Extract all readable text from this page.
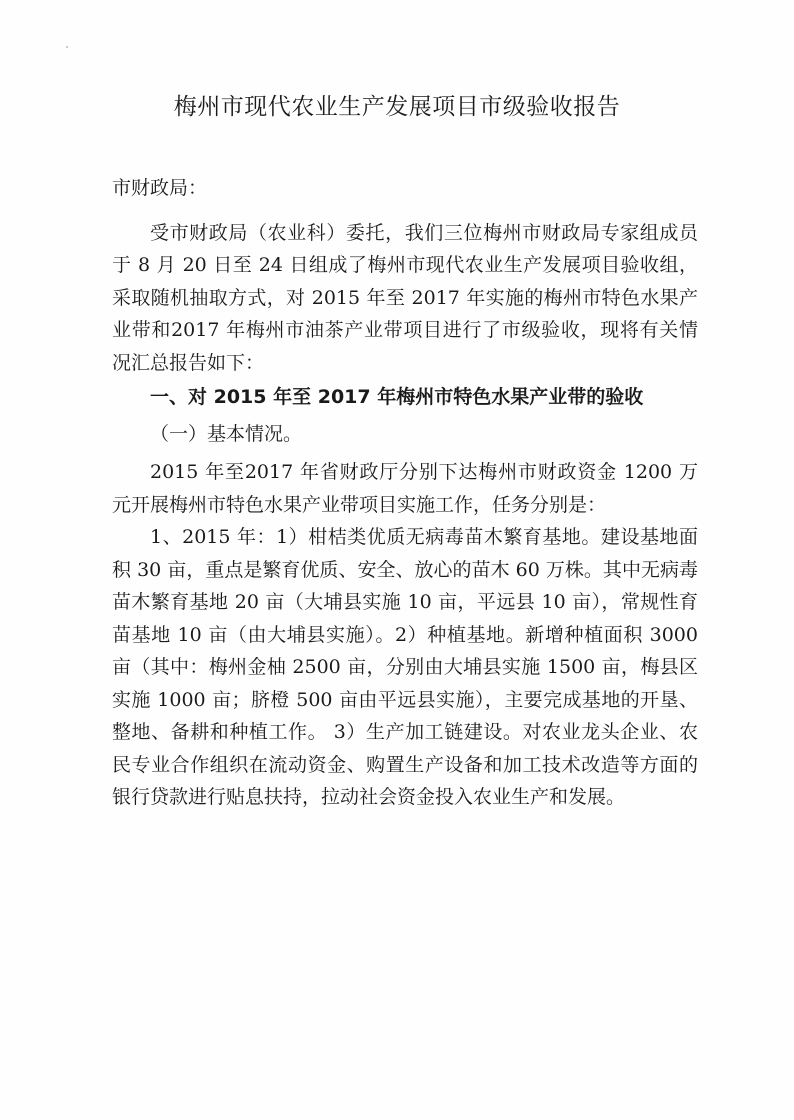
梅州市现代农业生产发展项目市级验收报告

市财政局：

受市财政局（农业科）委托，我们三位梅州市财政局专家组成员于 8 月 20 日至 24 日组成了梅州市现代农业生产发展项目验收组，采取随机抽取方式，对 2015 年至 2017 年实施的梅州市特色水果产业带和2017 年梅州市油茶产业带项目进行了市级验收，现将有关情况汇总报告如下：

一、对 2015 年至 2017 年梅州市特色水果产业带的验收

（一）基本情况。

2015 年至2017 年省财政厅分别下达梅州市财政资金 1200 万元开展梅州市特色水果产业带项目实施工作，任务分别是：

1、2015 年：1）柑桔类优质无病毒苗木繁育基地。建设基地面积 30 亩，重点是繁育优质、安全、放心的苗木 60 万株。其中无病毒苗木繁育基地 20 亩（大埔县实施 10 亩，平远县 10 亩），常规性育苗基地 10 亩（由大埔县实施）。2）种植基地。新增种植面积 3000 亩（其中：梅州金柚 2500 亩，分别由大埔县实施 1500 亩，梅县区实施 1000 亩；脐橙 500 亩由平远县实施），主要完成基地的开垦、整地、备耕和种植工作。 3）生产加工链建设。对农业龙头企业、农民专业合作组织在流动资金、购置生产设备和加工技术改造等方面的银行贷款进行贴息扶持，拉动社会资金投入农业生产和发展。
